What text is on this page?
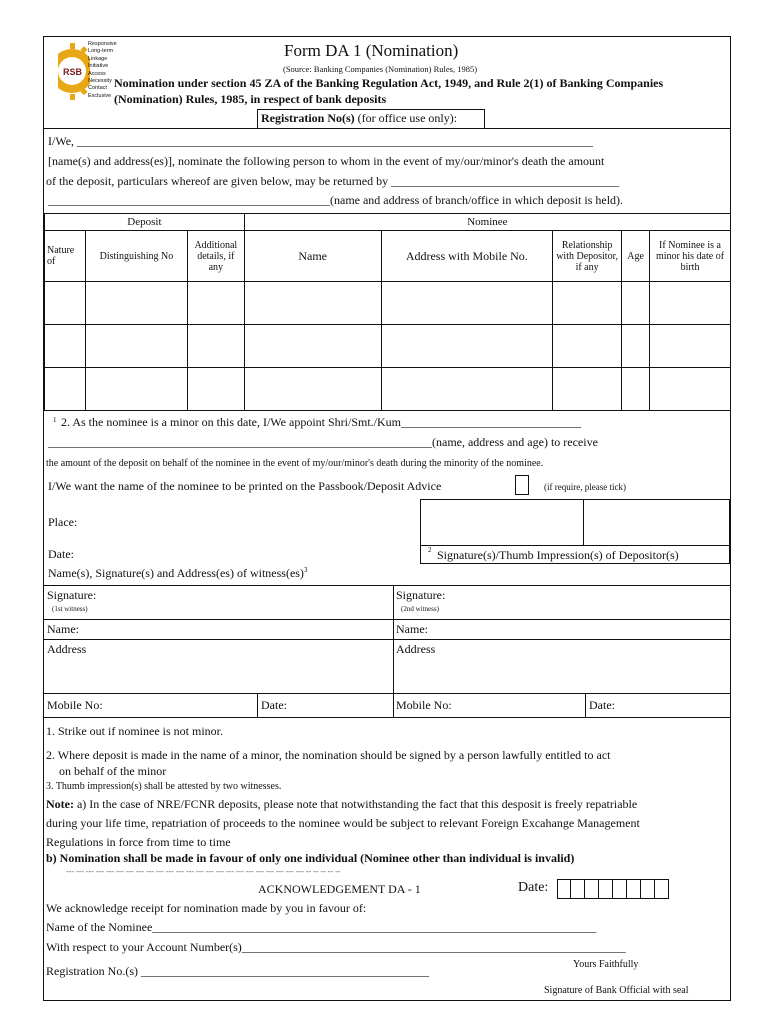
RSB
Responsive
Long-term
Linkage
Initiative
Access
Necessity
Contact
Exclusive
Form DA 1 (Nomination)
(Source: Banking Companies (Nomination) Rules, 1985)
Nomination under section 45 ZA of the Banking Regulation Act, 1949, and Rule 2(1) of Banking Companies
(Nomination) Rules, 1985, in respect of bank deposits
Registration No(s) (for office use only):
I/We, ______________________________________________________________________________________
[name(s) and address(es)], nominate the following person to whom in the event of my/our/minor's death the amount
of the deposit, particulars whereof are given below, may be returned by ______________________________________
_______________________________________________(name and address of branch/office in which deposit is held).
Deposit			Nominee				
Nature of	Distinguishing No	Additional details, if any	Name	Address with Mobile No.	Relationship with Depositor, if any	Age	If Nominee is a minor his date of birth

1 2. As the nominee is a minor on this date, I/We appoint Shri/Smt./Kum______________________________
________________________________________________________________(name, address and age) to receive
the amount of the deposit on behalf of the nominee in the event of my/our/minor's death during the minority of the nominee.
I/We want the name of the nominee to be printed on the Passbook/Deposit Advice	(if require, please tick)
Place:
Date:	2 Signature(s)/Thumb Impression(s) of Depositor(s)
Name(s), Signature(s) and Address(es) of witness(es)$^3$
Signature:
(1st witness)
Signature:
(2nd witness)
Name:	Name:
Address	Address
Mobile No:	Date:	Mobile No:	Date:
1. Strike out if nominee is not minor.
2. Where deposit is made in the name of a minor, the nomination should be signed by a person lawfully entitled to act
on behalf of the minor
3. Thumb impression(s) shall be attested by two witnesses.
Note: a) In the case of NRE/FCNR deposits, please note that notwithstanding the fact that this desposit is freely repatriable
during your life time, repatriation of proceeds to the nominee would be subject to relevant Foreign Excahange Management
Regulations in force from time to time
b) Nomination shall be made in favour of only one individual (Nominee other than individual is invalid)
--- --- --- --- --- --- --- --- --- --- --- --- --- --- --- --- --- --- --- --- --- --- --- --- -- -- -- -- --
ACKNOWLEDGEMENT DA - 1	Date:
We acknowledge receipt for nomination made by you in favour of:
Name of the Nominee__________________________________________________________________________
With respect to your Account Number(s)________________________________________________________________
Registration No.(s) ________________________________________________	Yours Faithfully
Signature of Bank Official with seal
